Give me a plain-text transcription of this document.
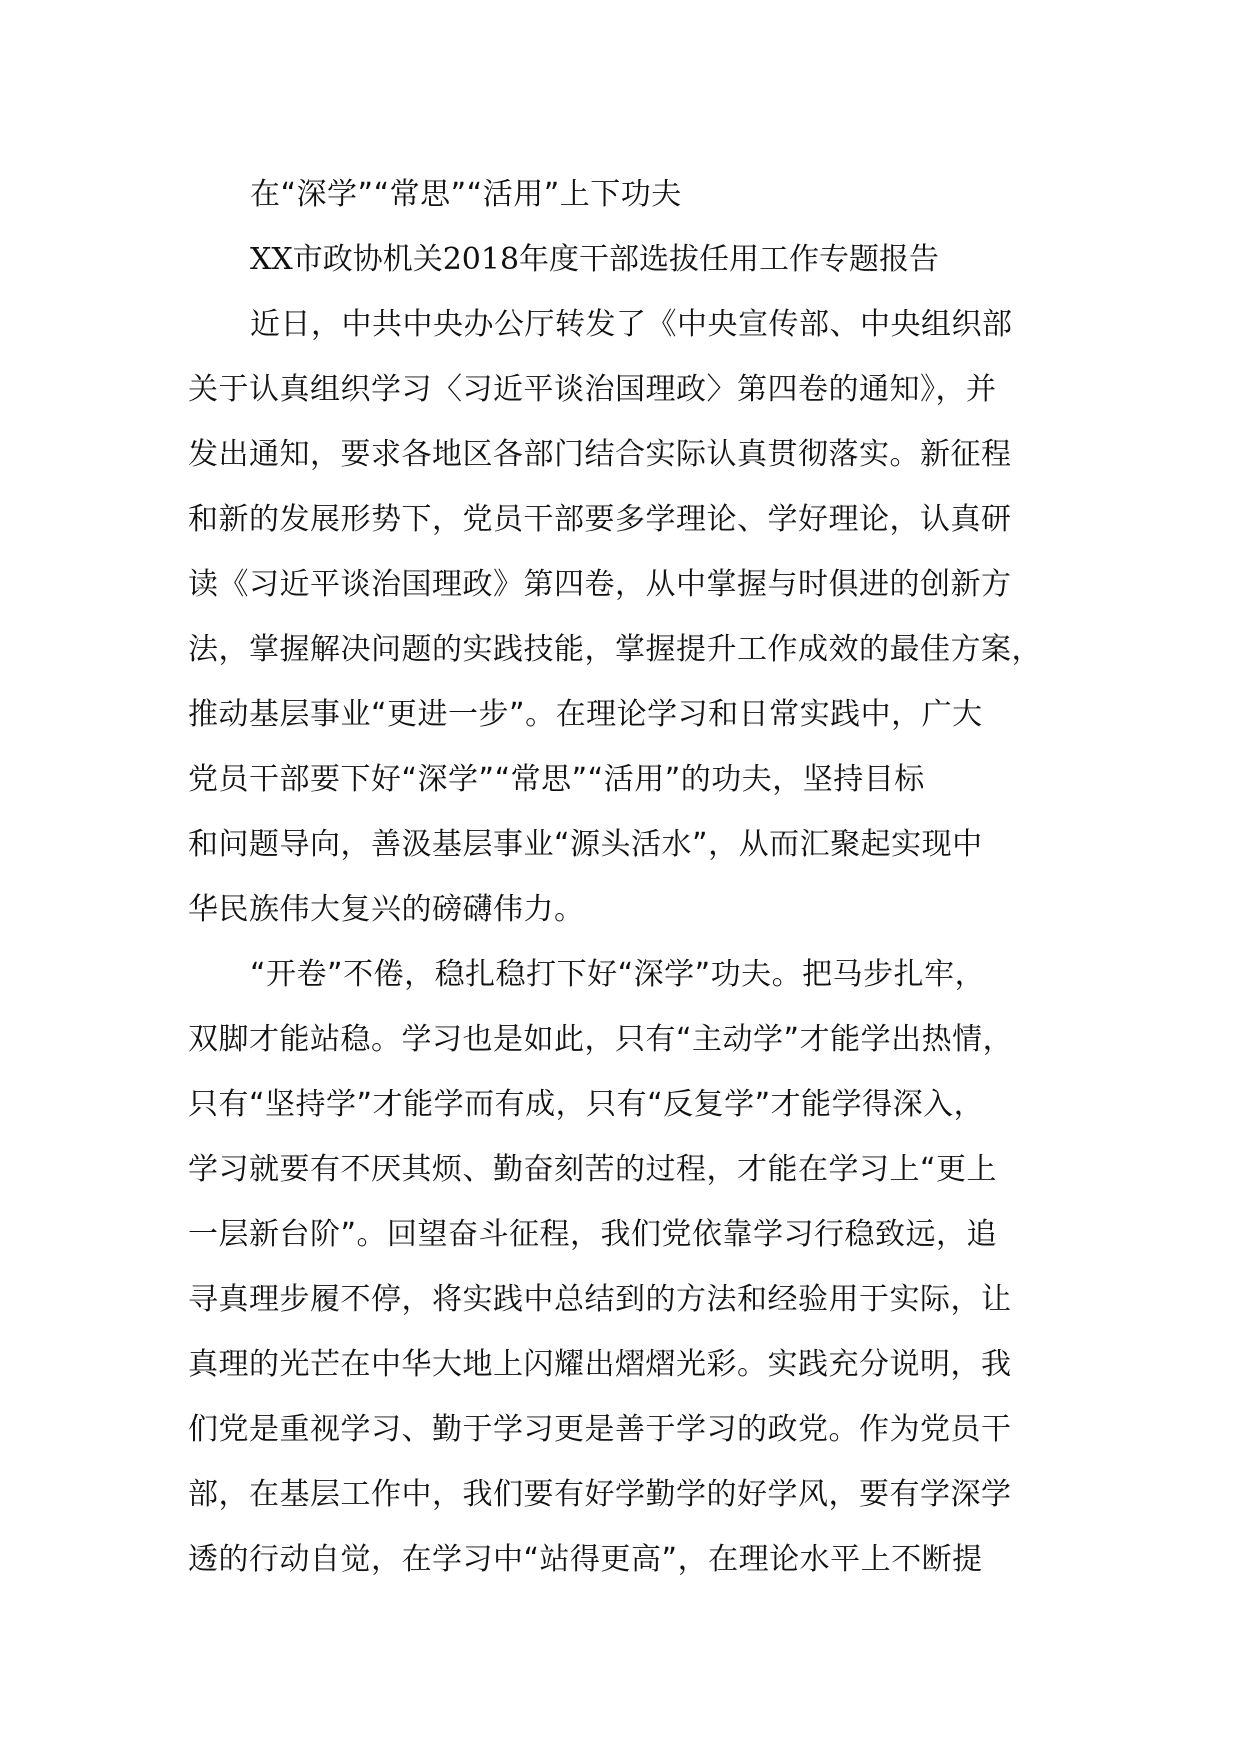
在“深学”“常思”“活用”上下功夫
XX市政协机关2018年度干部选拔任用工作专题报告
近日，中共中央办公厅转发了《中央宣传部、中央组织部
关于认真组织学习〈习近平谈治国理政〉第四卷的通知》，并
发出通知，要求各地区各部门结合实际认真贯彻落实。新征程
和新的发展形势下，党员干部要多学理论、学好理论，认真研
读《习近平谈治国理政》第四卷，从中掌握与时俱进的创新方
法，掌握解决问题的实践技能，掌握提升工作成效的最佳方案，
推动基层事业“更进一步”。在理论学习和日常实践中，广大
党员干部要下好“深学”“常思”“活用”的功夫，坚持目标
和问题导向，善汲基层事业“源头活水”，从而汇聚起实现中
华民族伟大复兴的磅礴伟力。
“开卷”不倦，稳扎稳打下好“深学”功夫。把马步扎牢，
双脚才能站稳。学习也是如此，只有“主动学”才能学出热情，
只有“坚持学”才能学而有成，只有“反复学”才能学得深入，
学习就要有不厌其烦、勤奋刻苦的过程，才能在学习上“更上
一层新台阶”。回望奋斗征程，我们党依靠学习行稳致远，追
寻真理步履不停，将实践中总结到的方法和经验用于实际，让
真理的光芒在中华大地上闪耀出熠熠光彩。实践充分说明，我
们党是重视学习、勤于学习更是善于学习的政党。作为党员干
部，在基层工作中，我们要有好学勤学的好学风，要有学深学
透的行动自觉，在学习中“站得更高”，在理论水平上不断提
